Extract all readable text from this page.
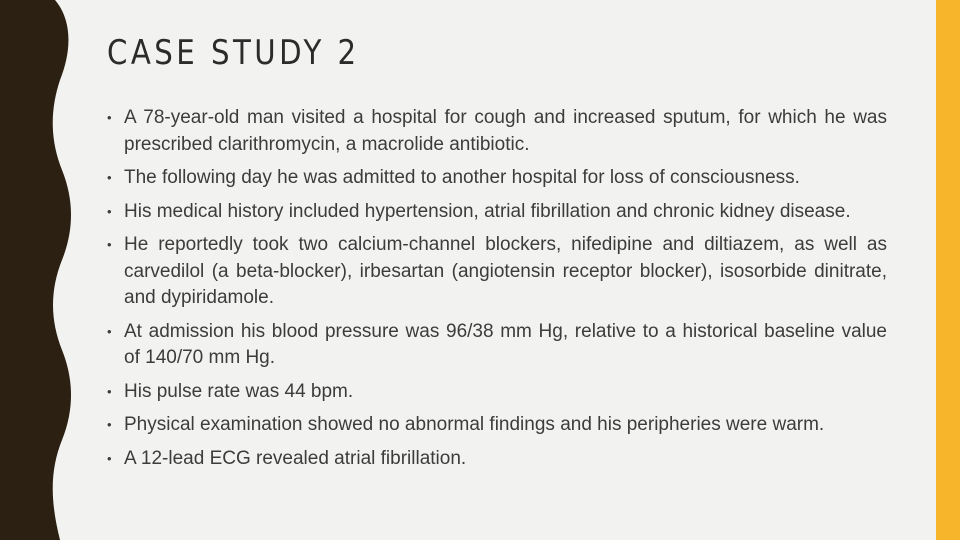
CASE STUDY 2
• A 78-year-old man visited a hospital for cough and increased sputum, for which he was prescribed clarithromycin, a macrolide antibiotic.
• The following day he was admitted to another hospital for loss of consciousness.
• His medical history included hypertension, atrial fibrillation and chronic kidney disease.
• He reportedly took two calcium-channel blockers, nifedipine and diltiazem, as well as carvedilol (a beta-blocker), irbesartan (angiotensin receptor blocker), isosorbide dinitrate, and dypiridamole.
• At admission his blood pressure was 96/38 mm Hg, relative to a historical baseline value of 140/70 mm Hg.
• His pulse rate was 44 bpm.
• Physical examination showed no abnormal findings and his peripheries were warm.
• A 12-lead ECG revealed atrial fibrillation.
